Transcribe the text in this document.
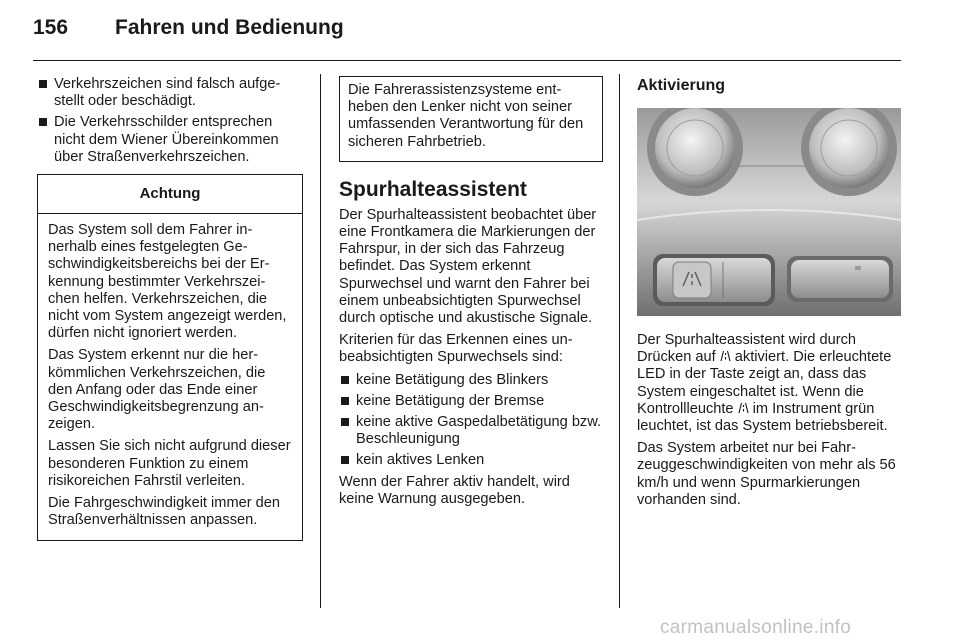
156 Fahren und Bedienung
Verkehrszeichen sind falsch aufgestellt oder beschädigt.
Die Verkehrsschilder entsprechen nicht dem Wiener Übereinkommen über Straßenverkehrszeichen.
Achtung

Das System soll dem Fahrer innerhalb eines festgelegten Geschwindigkeitsbereichs bei der Erkennung bestimmter Verkehrszeichen helfen. Verkehrszeichen, die nicht vom System angezeigt werden, dürfen nicht ignoriert werden.

Das System erkennt nur die herkömmlichen Verkehrszeichen, die den Anfang oder das Ende einer Geschwindigkeitsbegrenzung anzeigen.

Lassen Sie sich nicht aufgrund dieser besonderen Funktion zu einem risikoreichen Fahrstil verleiten.

Die Fahrgeschwindigkeit immer den Straßenverhältnissen anpassen.

Die Fahrerassistenzsysteme entheben den Lenker nicht von seiner umfassenden Verantwortung für den sicheren Fahrbetrieb.

Spurhalteassistent

Der Spurhalteassistent beobachtet über eine Frontkamera die Markierungen der Fahrspur, in der sich das Fahrzeug befindet. Das System erkennt Spurwechsel und warnt den Fahrer bei einem unbeabsichtigten Spurwechsel durch optische und akustische Signale.

Kriterien für das Erkennen eines unbeabsichtigten Spurwechsels sind:

keine Betätigung des Blinkers
keine Betätigung der Bremse
keine aktive Gaspedalbetätigung bzw. Beschleunigung
kein aktives Lenken

Wenn der Fahrer aktiv handelt, wird keine Warnung ausgegeben.

Aktivierung

Der Spurhalteassistent wird durch Drücken auf  aktiviert. Die erleuchtete LED in der Taste zeigt an, dass das System eingeschaltet ist. Wenn die Kontrollleuchte  im Instrument grün leuchtet, ist das System betriebsbereit.

Das System arbeitet nur bei Fahrzeuggeschwindigkeiten von mehr als 56 km/h und wenn Spurmarkierungen vorhanden sind.

carmanualsonline.info
